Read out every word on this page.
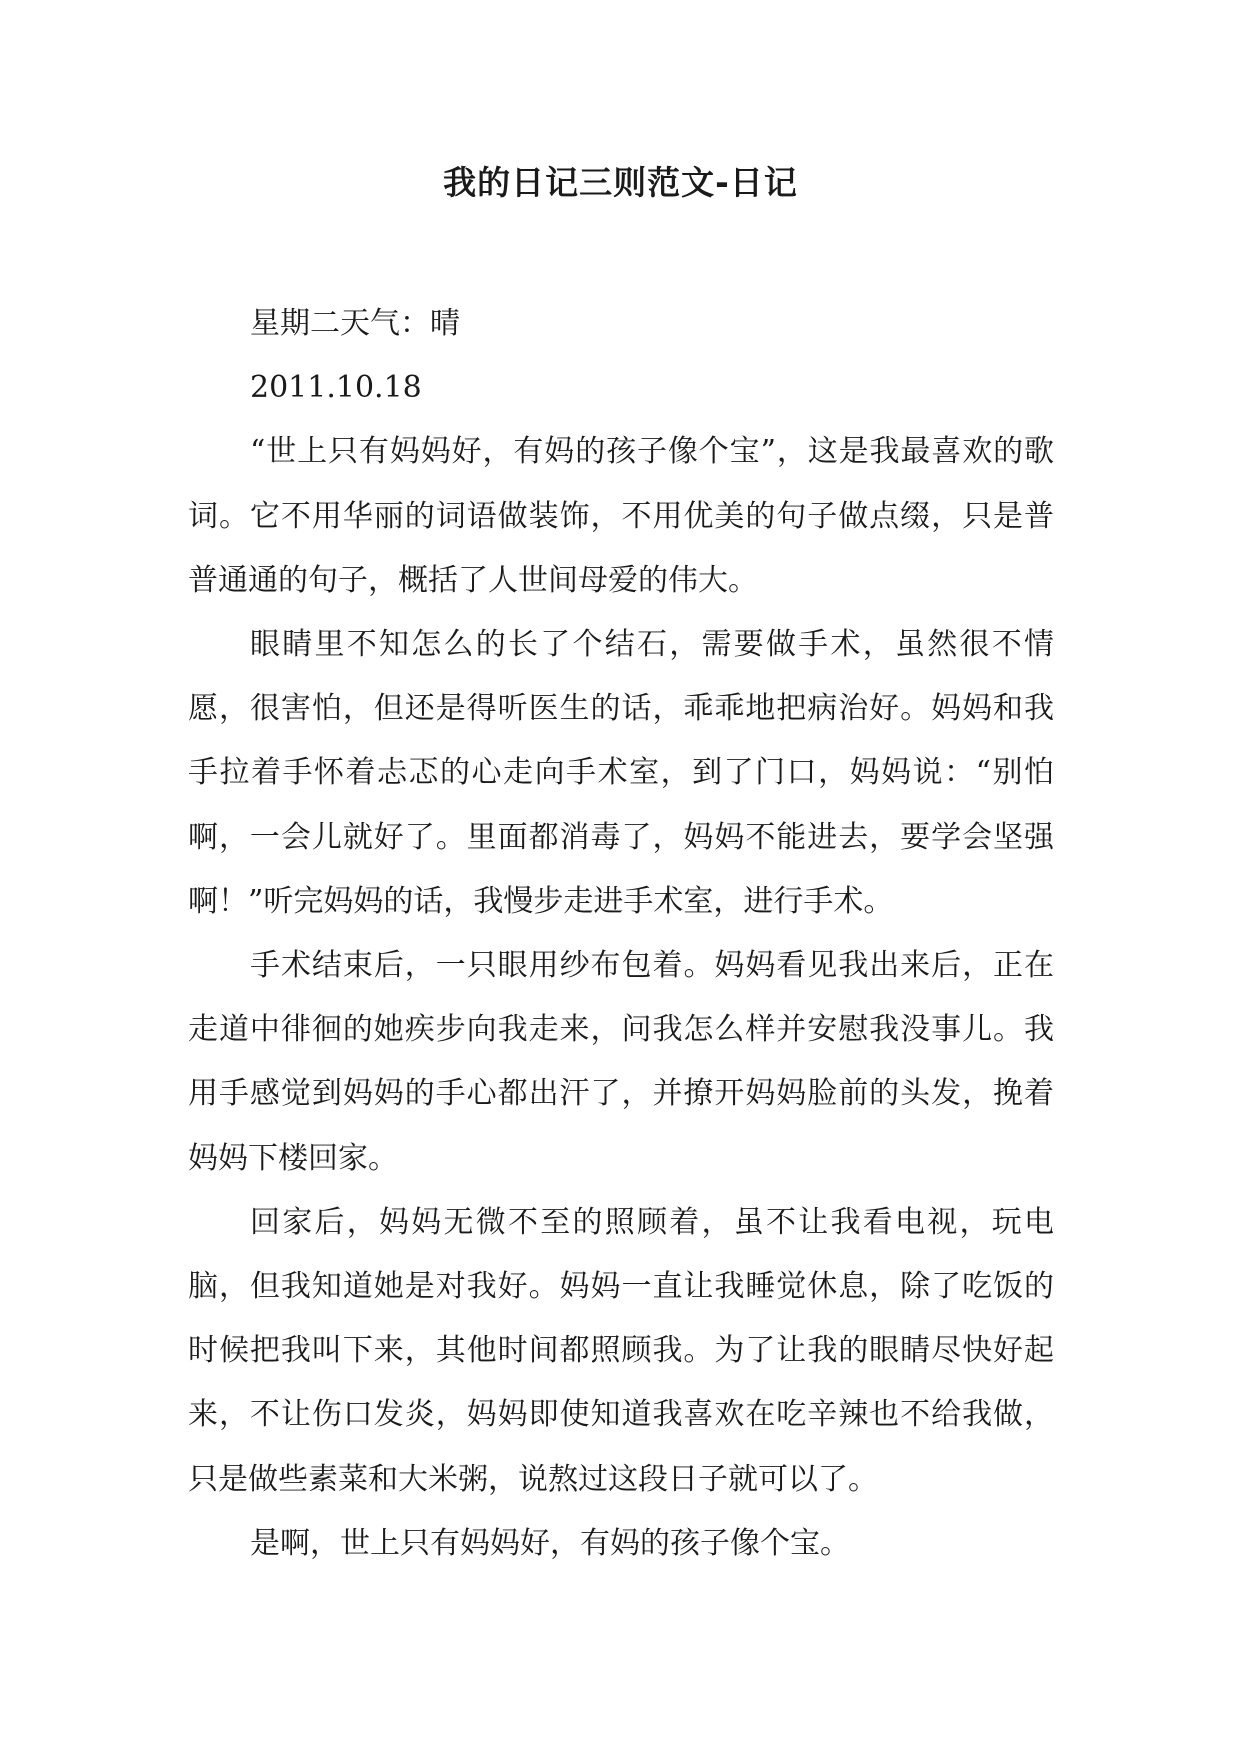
我的日记三则范文-日记

星期二天气：晴

2011.10.18

“世上只有妈妈好，有妈的孩子像个宝”，这是我最喜欢的歌词。它不用华丽的词语做装饰，不用优美的句子做点缀，只是普普通通的句子，概括了人世间母爱的伟大。

眼睛里不知怎么的长了个结石，需要做手术，虽然很不情愿，很害怕，但还是得听医生的话，乖乖地把病治好。妈妈和我手拉着手怀着忐忑的心走向手术室，到了门口，妈妈说：“别怕啊，一会儿就好了。里面都消毒了，妈妈不能进去，要学会坚强啊！”听完妈妈的话，我慢步走进手术室，进行手术。

手术结束后，一只眼用纱布包着。妈妈看见我出来后，正在走道中徘徊的她疾步向我走来，问我怎么样并安慰我没事儿。我用手感觉到妈妈的手心都出汗了，并撩开妈妈脸前的头发，挽着妈妈下楼回家。

回家后，妈妈无微不至的照顾着，虽不让我看电视，玩电脑，但我知道她是对我好。妈妈一直让我睡觉休息，除了吃饭的时候把我叫下来，其他时间都照顾我。为了让我的眼睛尽快好起来，不让伤口发炎，妈妈即使知道我喜欢在吃辛辣也不给我做，只是做些素菜和大米粥，说熬过这段日子就可以了。

是啊，世上只有妈妈好，有妈的孩子像个宝。
